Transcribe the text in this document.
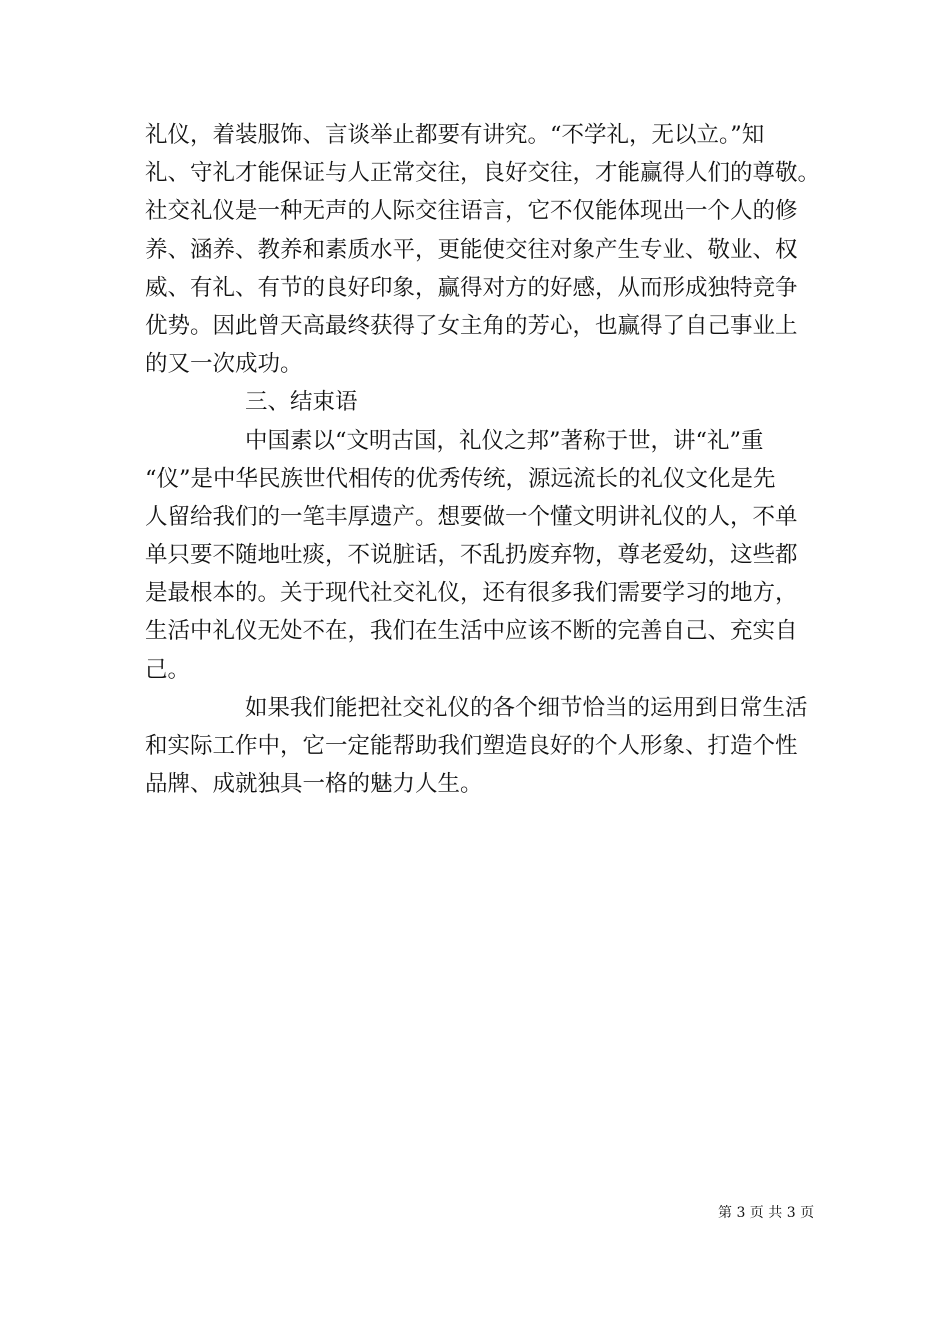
礼仪，着装服饰、言谈举止都要有讲究。“不学礼，无以立。”知
礼、守礼才能保证与人正常交往，良好交往，才能赢得人们的尊敬。
社交礼仪是一种无声的人际交往语言，它不仅能体现出一个人的修
养、涵养、教养和素质水平，更能使交往对象产生专业、敬业、权
威、有礼、有节的良好印象，赢得对方的好感，从而形成独特竞争
优势。因此曾天高最终获得了女主角的芳心，也赢得了自己事业上
的又一次成功。
三、结束语
中国素以“文明古国，礼仪之邦”著称于世，讲“礼”重
“仪”是中华民族世代相传的优秀传统，源远流长的礼仪文化是先
人留给我们的一笔丰厚遗产。想要做一个懂文明讲礼仪的人，不单
单只要不随地吐痰，不说脏话，不乱扔废弃物，尊老爱幼，这些都
是最根本的。关于现代社交礼仪，还有很多我们需要学习的地方，
生活中礼仪无处不在，我们在生活中应该不断的完善自己、充实自
己。
如果我们能把社交礼仪的各个细节恰当的运用到日常生活
和实际工作中，它一定能帮助我们塑造良好的个人形象、打造个性
品牌、成就独具一格的魅力人生。
第 3 页 共 3 页
